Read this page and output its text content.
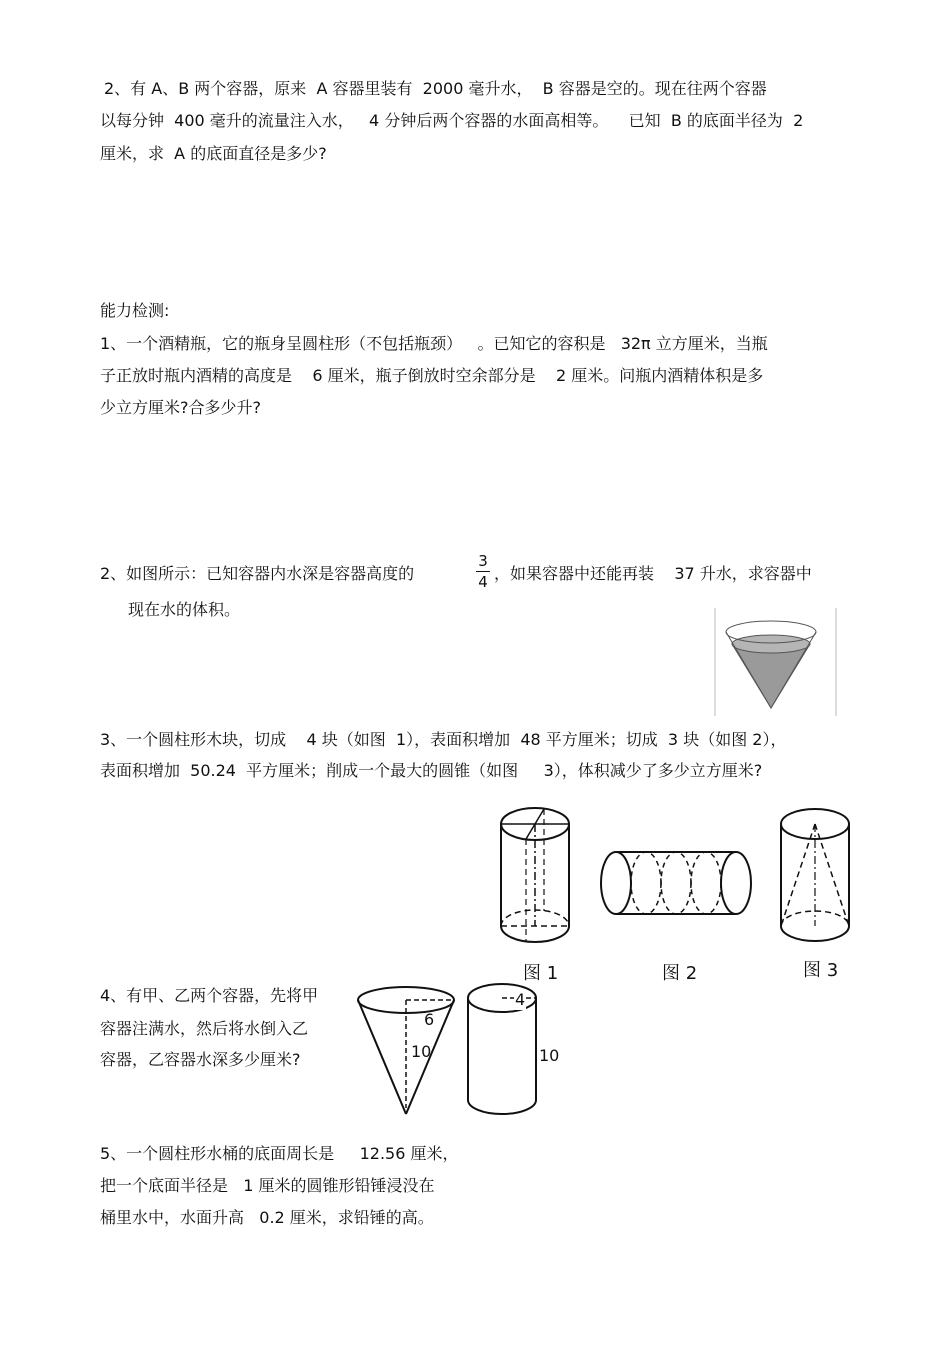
2、有 A、B 两个容器，原来  A 容器里装有  2000 毫升水，  B 容器是空的。现在往两个容器
以每分钟  400 毫升的流量注入水，   4 分钟后两个容器的水面高相等。    已知  B 的底面半径为  2
厘米，求  A 的底面直径是多少?
能力检测:
1、一个酒精瓶，它的瓶身呈圆柱形（不包括瓶颈）   。已知它的容积是   32π 立方厘米，当瓶
子正放时瓶内酒精的高度是    6 厘米，瓶子倒放时空余部分是    2 厘米。问瓶内酒精体积是多
少立方厘米?合多少升?
2、如图所示：已知容器内水深是容器高度的
3
4 ，如果容器中还能再装    37 升水，求容器中
现在水的体积。
3、一个圆柱形木块，切成    4 块（如图  1），表面积增加  48 平方厘米；切成  3 块（如图 2），
表面积增加  50.24  平方厘米；削成一个最大的圆锥（如图     3），体积减少了多少立方厘米?
图 1	图 2	图 3
4、有甲、乙两个容器，先将甲
容器注满水，然后将水倒入乙
容器，乙容器水深多少厘米?
6
10
4
10
5、一个圆柱形水桶的底面周长是     12.56 厘米，
把一个底面半径是   1 厘米的圆锥形铅锤浸没在
桶里水中，水面升高   0.2 厘米，求铅锤的高。
